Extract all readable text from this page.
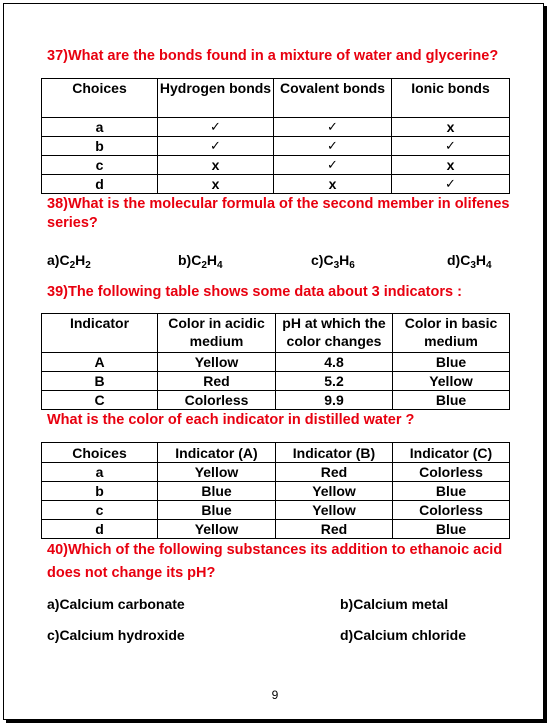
37)What are the bonds found in a mixture of water and glycerine?
Choices	Hydrogen bonds	Covalent bonds	Ionic bonds
a	✓	✓	x
b	✓	✓	✓
c	x	✓	x
d	x	x	✓
38)What is the molecular formula of the second member in olifenes series?
$a)C_2H_2$	$b)C_2H_4$	$c)C_3H_6$	$d)C_3H_4$
39)The following table shows some data about 3 indicators :
Indicator	Color in acidic medium	pH at which the color changes	Color in basic medium
A	Yellow	4.8	Blue
B	Red	5.2	Yellow
C	Colorless	9.9	Blue
What is the color of each indicator in distilled water ?
Choices	Indicator (A)	Indicator (B)	Indicator (C)
a	Yellow	Red	Colorless
b	Blue	Yellow	Blue
c	Blue	Yellow	Colorless
d	Yellow	Red	Blue
40)Which of the following substances its addition to ethanoic acid
does not change its pH?
a)Calcium carbonate	b)Calcium metal
c)Calcium hydroxide	d)Calcium chloride
9
